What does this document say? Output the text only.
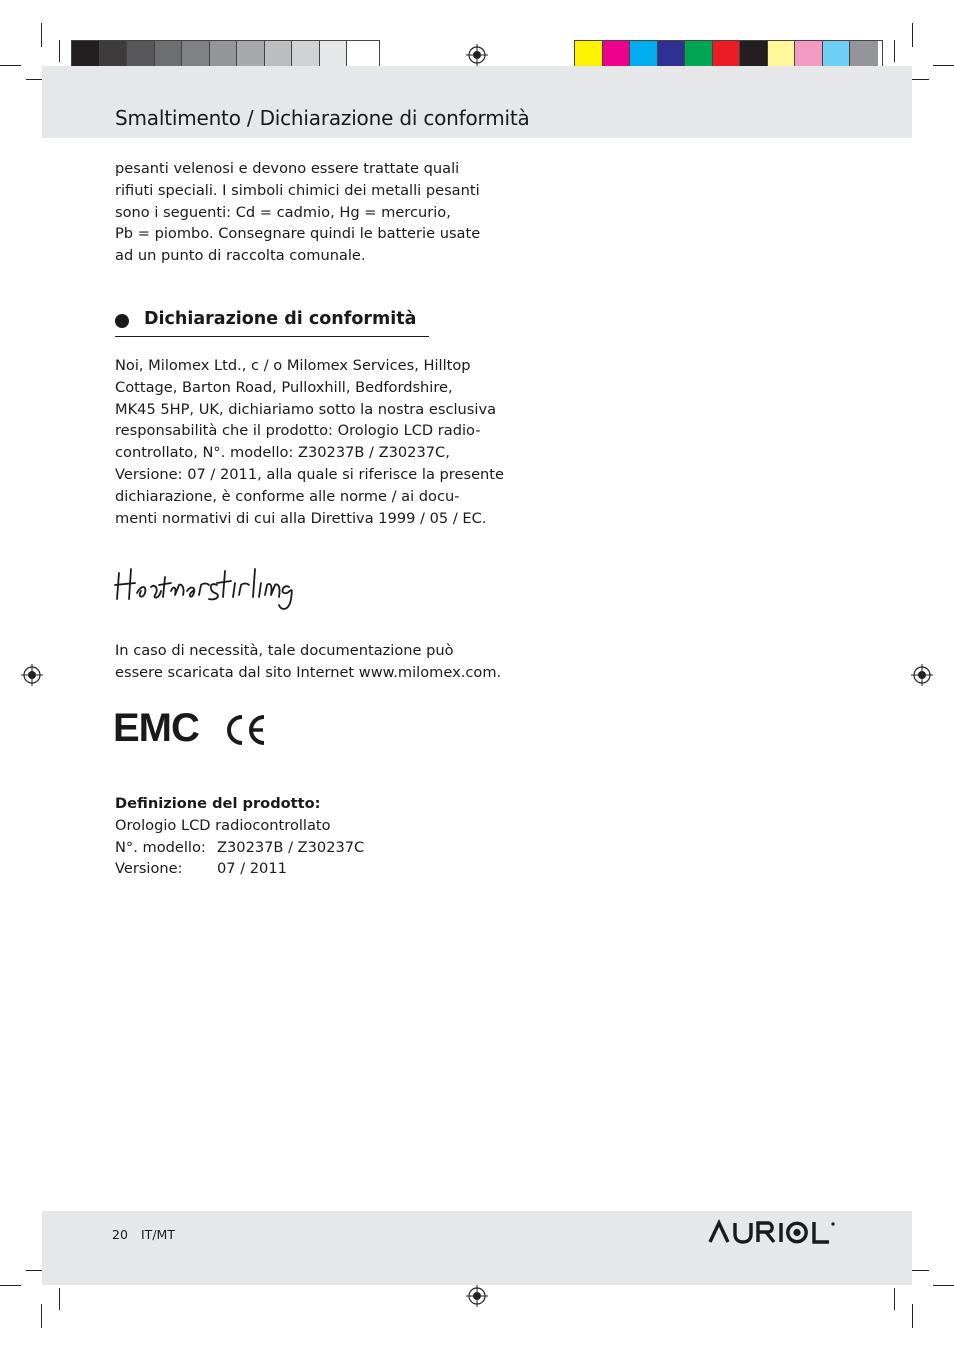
Smaltimento / Dichiarazione di conformità
pesanti velenosi e devono essere trattate quali
rifiuti speciali. I simboli chimici dei metalli pesanti
sono i seguenti: Cd = cadmio, Hg = mercurio,
Pb = piombo. Consegnare quindi le batterie usate
ad un punto di raccolta comunale.
Dichiarazione di conformità
Noi, Milomex Ltd., c / o Milomex Services, Hilltop
Cottage, Barton Road, Pulloxhill, Bedfordshire,
MK45 5HP, UK, dichiariamo sotto la nostra esclusiva
responsabilità che il prodotto: Orologio LCD radio-
controllato, N°. modello: Z30237B / Z30237C,
Versione: 07 / 2011, alla quale si riferisce la presente
dichiarazione, è conforme alle norme / ai docu-
menti normativi di cui alla Direttiva 1999 / 05 / EC.
In caso di necessità, tale documentazione può
essere scaricata dal sito Internet www.milomex.com.
EMC
Definizione del prodotto:
Orologio LCD radiocontrollato
N°. modello: Z30237B / Z30237C
Versione:	07 / 2011
20 IT/MT
